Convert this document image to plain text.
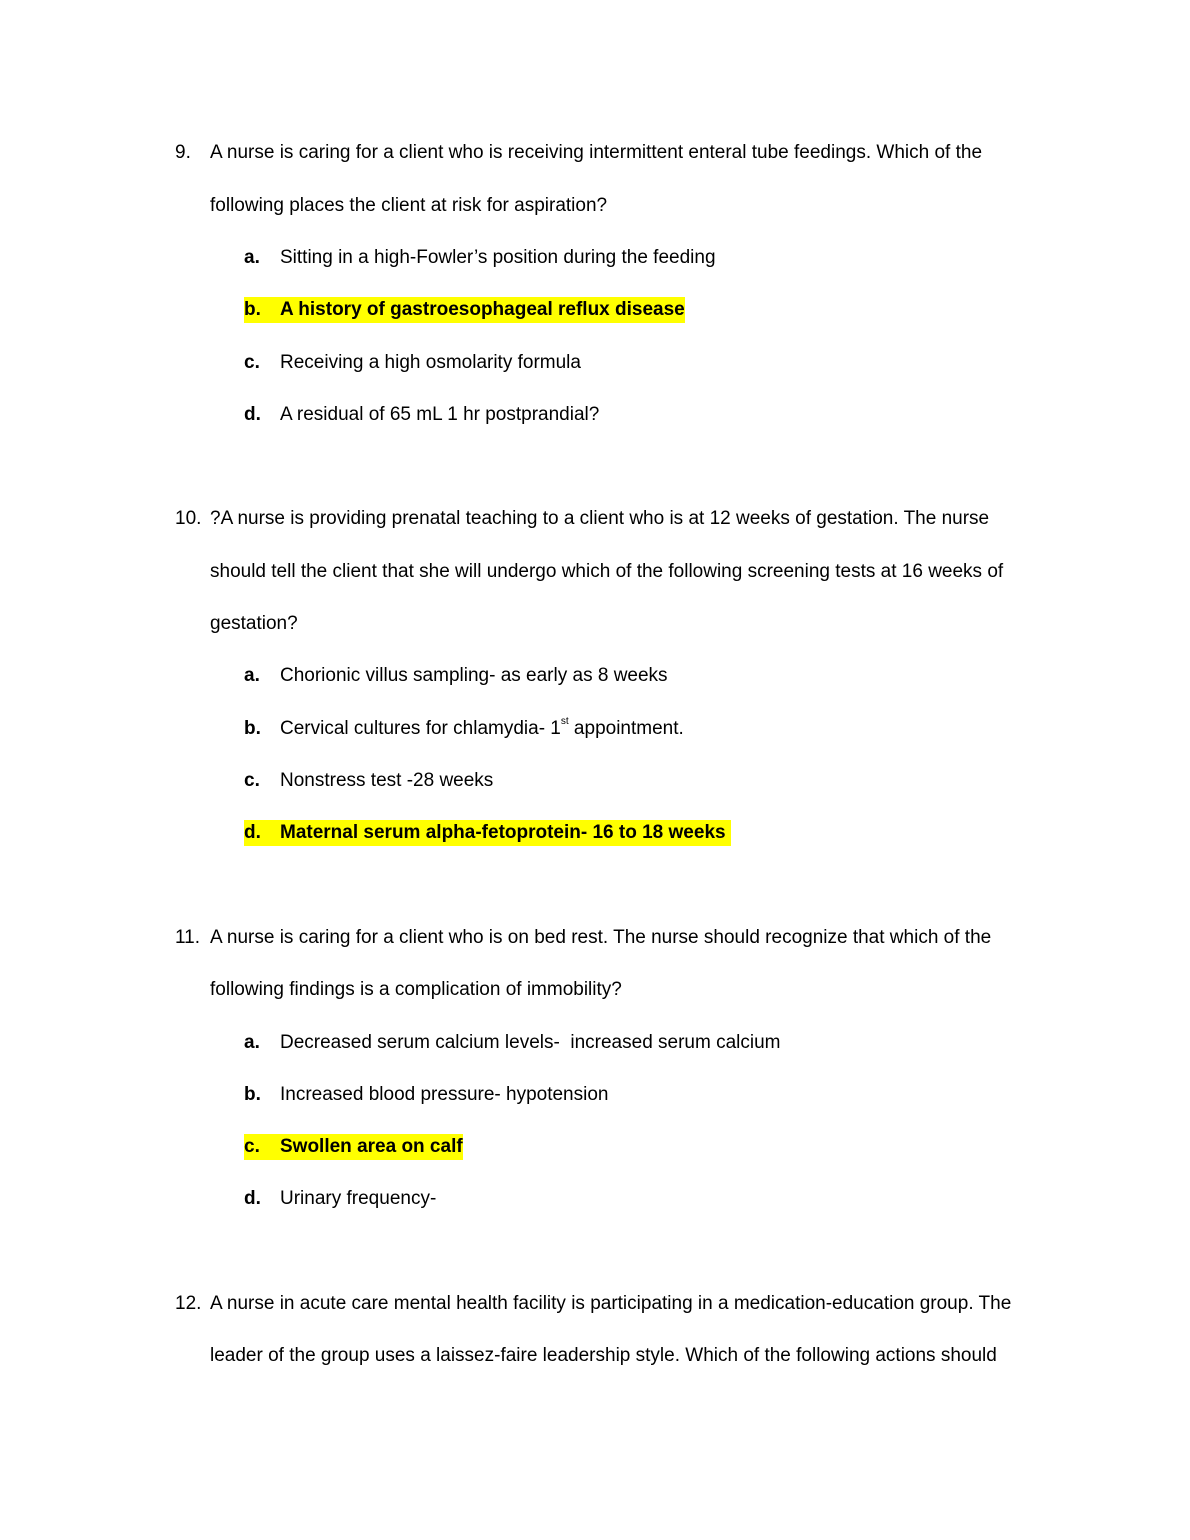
9. A nurse is caring for a client who is receiving intermittent enteral tube feedings. Which of the
following places the client at risk for aspiration?
a. Sitting in a high-Fowler’s position during the feeding
b. A history of gastroesophageal reflux disease
c. Receiving a high osmolarity formula
d. A residual of 65 mL 1 hr postprandial?
10. ?A nurse is providing prenatal teaching to a client who is at 12 weeks of gestation. The nurse
should tell the client that she will undergo which of the following screening tests at 16 weeks of
gestation?
a. Chorionic villus sampling- as early as 8 weeks
b. Cervical cultures for chlamydia- 1st appointment.
c. Nonstress test -28 weeks
d. Maternal serum alpha-fetoprotein- 16 to 18 weeks
11. A nurse is caring for a client who is on bed rest. The nurse should recognize that which of the
following findings is a complication of immobility?
a. Decreased serum calcium levels-  increased serum calcium
b. Increased blood pressure- hypotension
c. Swollen area on calf
d. Urinary frequency-
12. A nurse in acute care mental health facility is participating in a medication-education group. The
leader of the group uses a laissez-faire leadership style. Which of the following actions should
